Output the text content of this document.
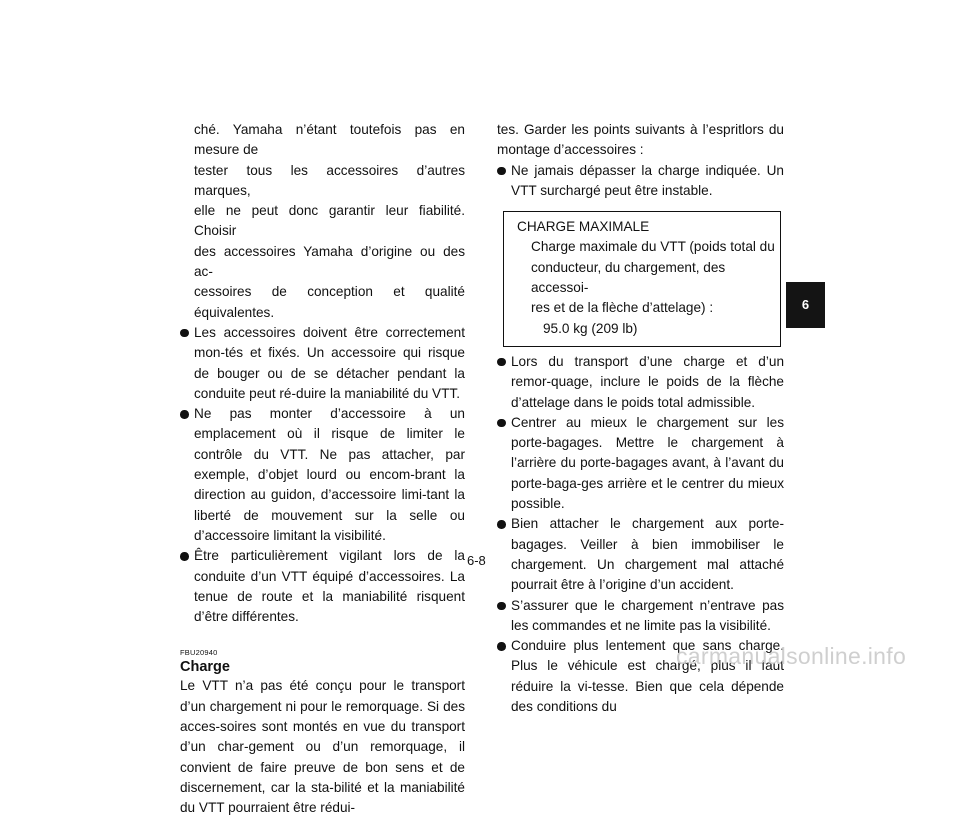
ché. Yamaha n’étant toutefois pas en mesure de
tester tous les accessoires d’autres marques,
elle ne peut donc garantir leur fiabilité. Choisir
des accessoires Yamaha d’origine ou des ac-
cessoires de conception et qualité équivalentes.
Les accessoires doivent être correctement mon-tés et fixés. Un accessoire qui risque de bouger ou de se détacher pendant la conduite peut ré-duire la maniabilité du VTT.
Ne pas monter d’accessoire à un emplacement où il risque de limiter le contrôle du VTT. Ne pas attacher, par exemple, d’objet lourd ou encom-brant la direction au guidon, d’accessoire limi-tant la liberté de mouvement sur la selle ou d’accessoire limitant la visibilité.
Être particulièrement vigilant lors de la conduite d’un VTT équipé d’accessoires. La tenue de route et la maniabilité risquent d’être différentes.
FBU20940
Charge
Le VTT n’a pas été conçu pour le transport d’un chargement ni pour le remorquage. Si des acces-soires sont montés en vue du transport d’un char-gement ou d’un remorquage, il convient de faire preuve de bon sens et de discernement, car la sta-bilité et la maniabilité du VTT pourraient être rédui-
tes. Garder les points suivants à l’espritlors du montage d’accessoires :
Ne jamais dépasser la charge indiquée. Un VTT surchargé peut être instable.
CHARGE MAXIMALE
Charge maximale du VTT (poids total du
conducteur, du chargement, des accessoi-
res et de la flèche d’attelage) :
95.0 kg (209 lb)
Lors du transport d’une charge et d’un remor-quage, inclure le poids de la flèche d’attelage dans le poids total admissible.
Centrer au mieux le chargement sur les porte-bagages. Mettre le chargement à l’arrière du porte-bagages avant, à l’avant du porte-baga-ges arrière et le centrer du mieux possible.
Bien attacher le chargement aux porte-bagages. Veiller à bien immobiliser le chargement. Un chargement mal attaché pourrait être à l’origine d’un accident.
S’assurer que le chargement n’entrave pas les commandes et ne limite pas la visibilité.
Conduire plus lentement que sans charge. Plus le véhicule est chargé, plus il faut réduire la vi-tesse. Bien que cela dépende des conditions du
6
6-8
carmanualsonline.info
